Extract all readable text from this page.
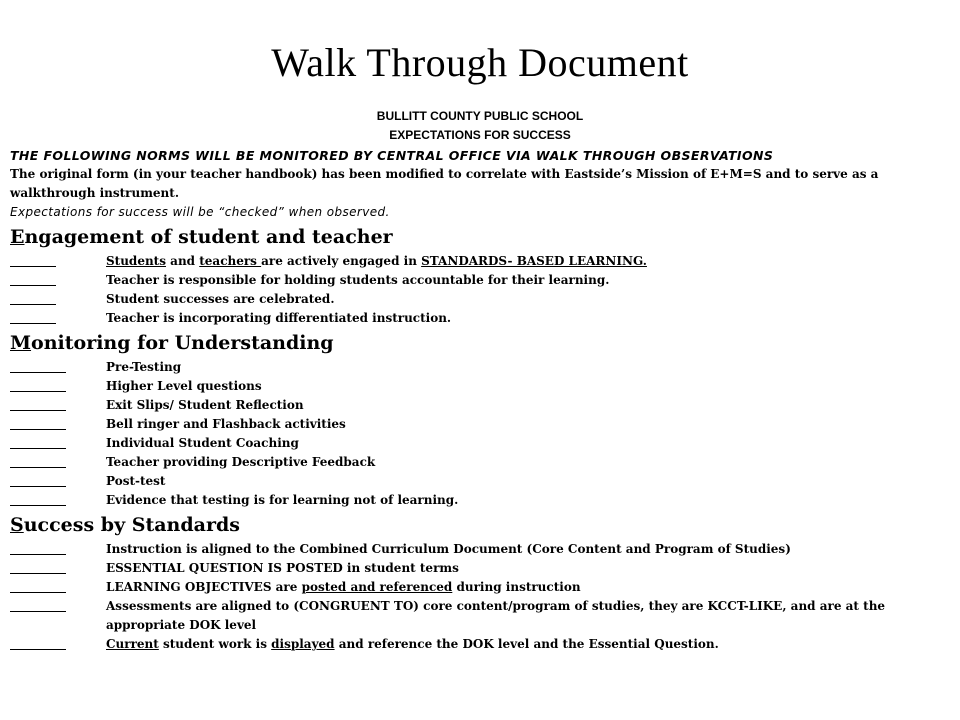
Walk Through Document
BULLITT COUNTY PUBLIC SCHOOL
EXPECTATIONS FOR SUCCESS
THE FOLLOWING NORMS WILL BE MONITORED BY CENTRAL OFFICE VIA WALK THROUGH OBSERVATIONS
The original form (in your teacher handbook) has been modified to correlate with Eastside’s Mission of E+M=S and to serve as a walkthrough instrument.
Expectations for success will be “checked” when observed.
Engagement of student and teacher
Students and teachers are actively engaged in STANDARDS- BASED LEARNING.
Teacher is responsible for holding students accountable for their learning.
Student successes are celebrated.
Teacher is incorporating differentiated instruction.
Monitoring for Understanding
Pre-Testing
Higher Level questions
Exit Slips/ Student Reflection
Bell ringer and Flashback activities
Individual Student Coaching
Teacher providing Descriptive Feedback
Post-test
Evidence that testing is for learning not of learning.
Success by Standards
Instruction is aligned to the Combined Curriculum Document (Core Content and Program of Studies)
ESSENTIAL QUESTION IS POSTED in student terms
LEARNING OBJECTIVES are posted and referenced during instruction
Assessments are aligned to (CONGRUENT TO) core content/program of studies, they are KCCT-LIKE, and are at the
appropriate DOK level
Current student work is displayed and reference the DOK level and the Essential Question.
